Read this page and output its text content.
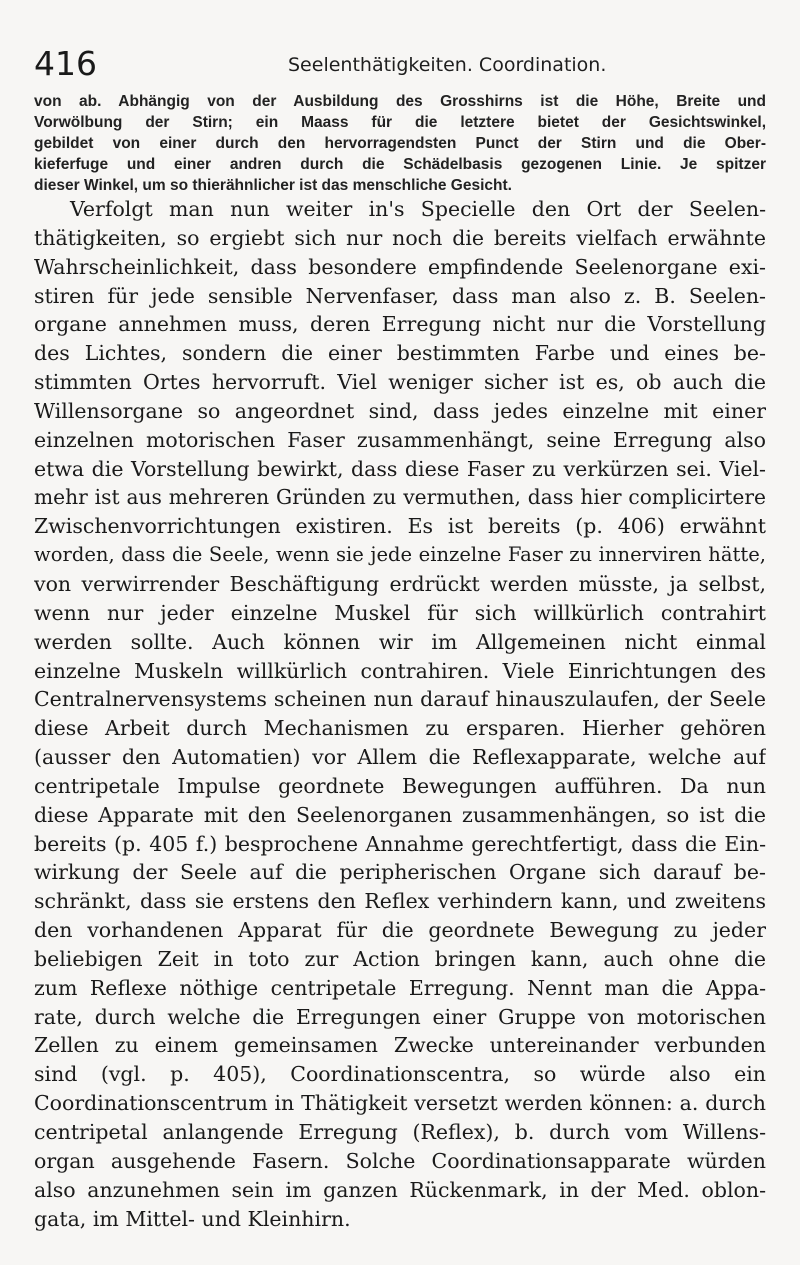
416	Seelenthätigkeiten. Coordination.
von ab. Abhängig von der Ausbildung des Grosshirns ist die Höhe, Breite und
Vorwölbung der Stirn; ein Maass für die letztere bietet der Gesichtswinkel,
gebildet von einer durch den hervorragendsten Punct der Stirn und die Ober-
kieferfuge und einer andren durch die Schädelbasis gezogenen Linie. Je spitzer
dieser Winkel, um so thierähnlicher ist das menschliche Gesicht.
Verfolgt man nun weiter in's Specielle den Ort der Seelen-
thätigkeiten, so ergiebt sich nur noch die bereits vielfach erwähnte
Wahrscheinlichkeit, dass besondere empfindende Seelenorgane exi-
stiren für jede sensible Nervenfaser, dass man also z. B. Seelen-
organe annehmen muss, deren Erregung nicht nur die Vorstellung
des Lichtes, sondern die einer bestimmten Farbe und eines be-
stimmten Ortes hervorruft. Viel weniger sicher ist es, ob auch die
Willensorgane so angeordnet sind, dass jedes einzelne mit einer
einzelnen motorischen Faser zusammenhängt, seine Erregung also
etwa die Vorstellung bewirkt, dass diese Faser zu verkürzen sei. Viel-
mehr ist aus mehreren Gründen zu vermuthen, dass hier complicirtere
Zwischenvorrichtungen existiren. Es ist bereits (p. 406) erwähnt
worden, dass die Seele, wenn sie jede einzelne Faser zu innerviren hätte,
von verwirrender Beschäftigung erdrückt werden müsste, ja selbst,
wenn nur jeder einzelne Muskel für sich willkürlich contrahirt
werden sollte. Auch können wir im Allgemeinen nicht einmal
einzelne Muskeln willkürlich contrahiren. Viele Einrichtungen des
Centralnervensystems scheinen nun darauf hinauszulaufen, der Seele
diese Arbeit durch Mechanismen zu ersparen. Hierher gehören
(ausser den Automatien) vor Allem die Reflexapparate, welche auf
centripetale Impulse geordnete Bewegungen aufführen. Da nun
diese Apparate mit den Seelenorganen zusammenhängen, so ist die
bereits (p. 405 f.) besprochene Annahme gerechtfertigt, dass die Ein-
wirkung der Seele auf die peripherischen Organe sich darauf be-
schränkt, dass sie erstens den Reflex verhindern kann, und zweitens
den vorhandenen Apparat für die geordnete Bewegung zu jeder
beliebigen Zeit in toto zur Action bringen kann, auch ohne die
zum Reflexe nöthige centripetale Erregung. Nennt man die Appa-
rate, durch welche die Erregungen einer Gruppe von motorischen
Zellen zu einem gemeinsamen Zwecke untereinander verbunden
sind (vgl. p. 405), Coordinationscentra, so würde also ein
Coordinationscentrum in Thätigkeit versetzt werden können: a. durch
centripetal anlangende Erregung (Reflex), b. durch vom Willens-
organ ausgehende Fasern. Solche Coordinationsapparate würden
also anzunehmen sein im ganzen Rückenmark, in der Med. oblon-
gata, im Mittel- und Kleinhirn.
